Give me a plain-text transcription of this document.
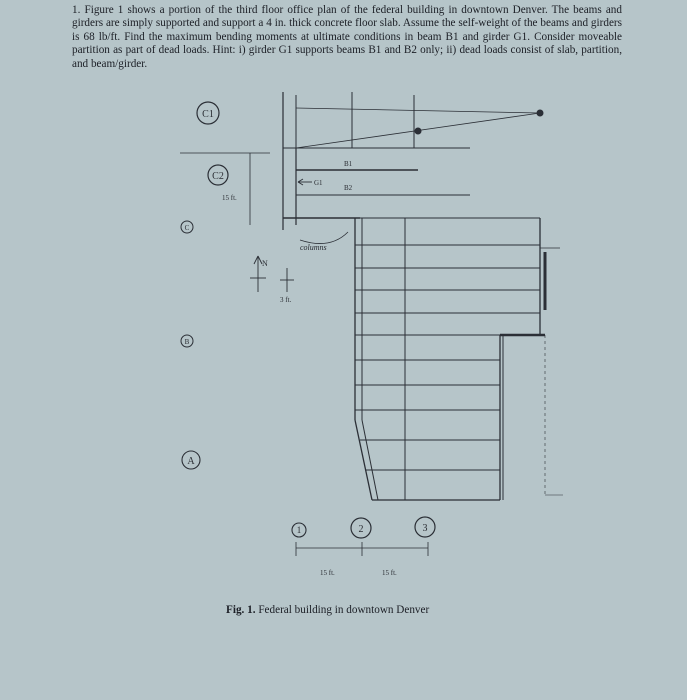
1. Figure 1 shows a portion of the third floor office plan of the federal building in downtown Denver. The beams and girders are simply supported and support a 4 in. thick concrete floor slab. Assume the self-weight of the beams and girders is 68 lb/ft. Find the maximum bending moments at ultimate conditions in beam B1 and girder G1. Consider moveable partition as part of dead loads. Hint: i) girder G1 supports beams B1 and B2 only; ii) dead loads consist of slab, partition, and beam/girder.

C1
C2
C
B
A
1	2	3
B1
B2
G1
columns
N
15 ft.
3 ft.
15 ft.	15 ft.
Fig. 1. Federal building in downtown Denver
